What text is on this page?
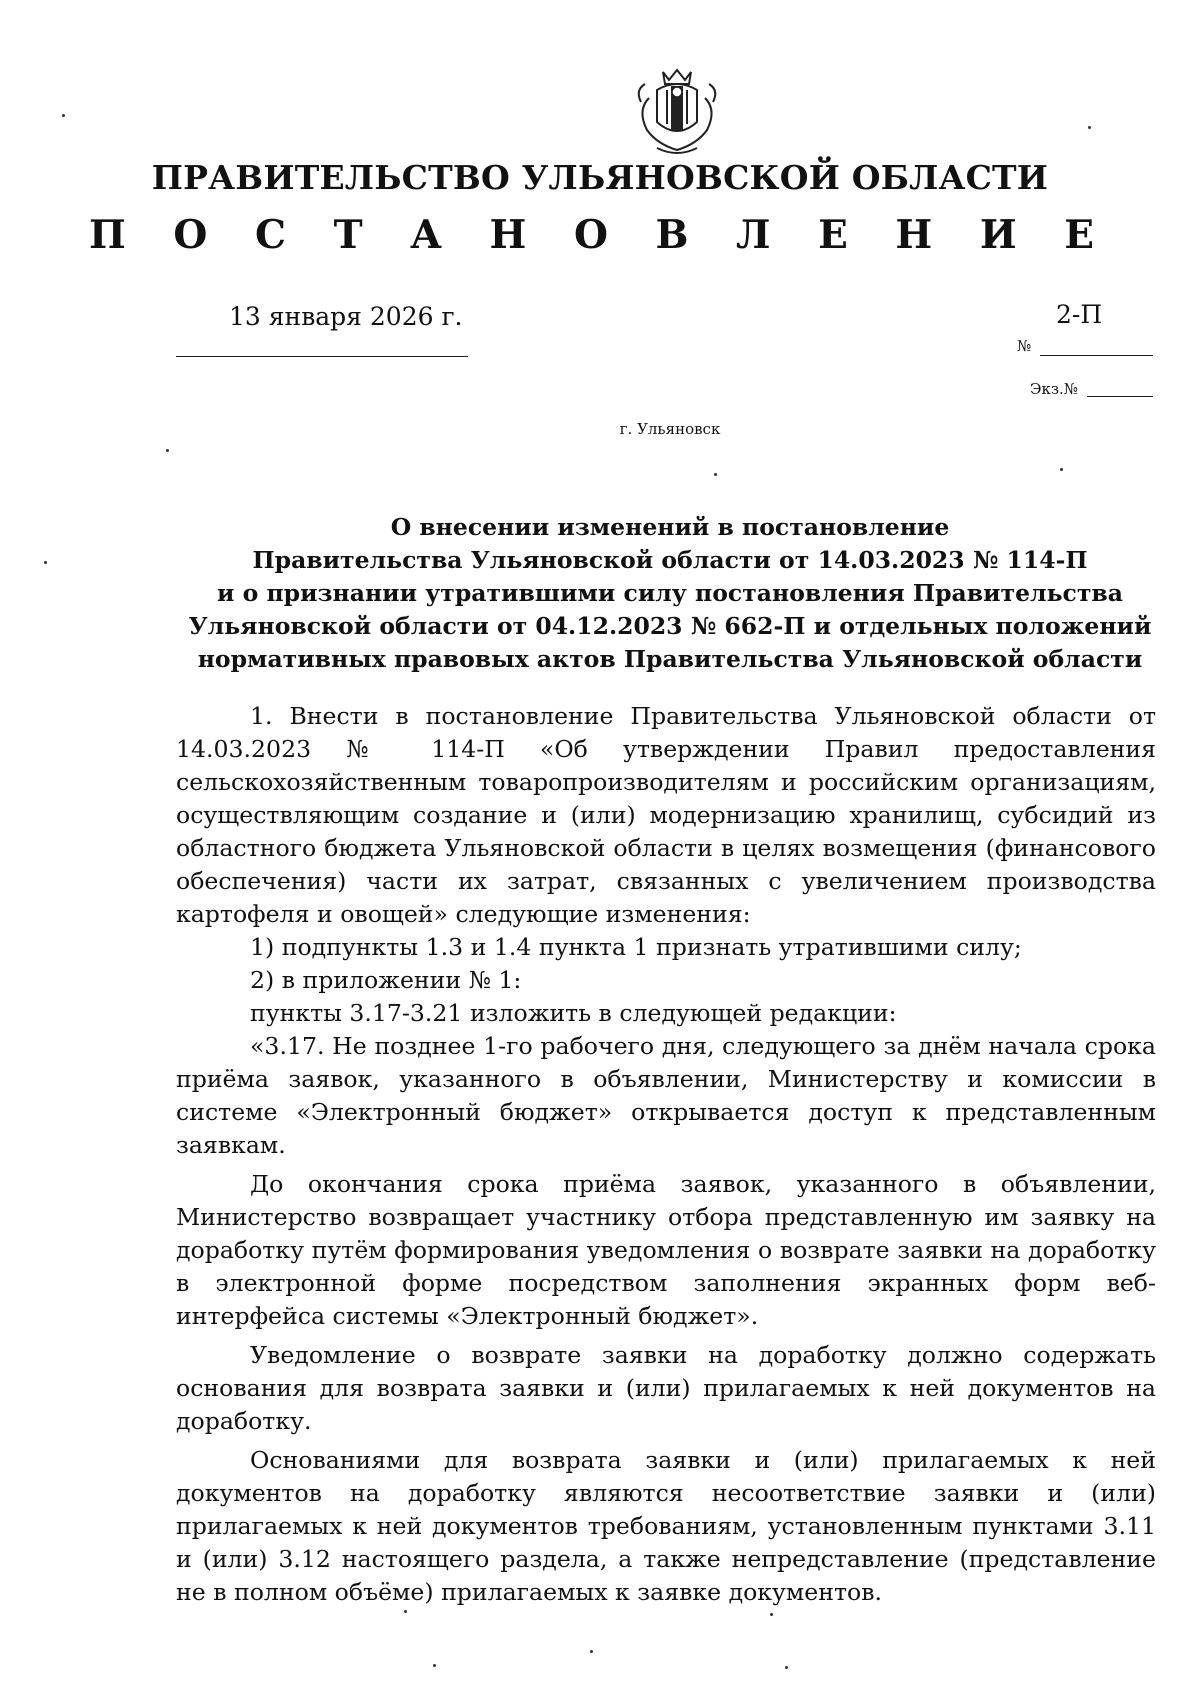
ПРАВИТЕЛЬСТВО УЛЬЯНОВСКОЙ ОБЛАСТИ
П О С Т А Н О В Л Е Н И Е
13 января 2026 г.	2-П
№
Экз.№
г. Ульяновск
О внесении изменений в постановление
Правительства Ульяновской области от 14.03.2023 № 114-П
и о признании утратившими силу постановления Правительства
Ульяновской области от 04.12.2023 № 662-П и отдельных положений
нормативных правовых актов Правительства Ульяновской области

1. Внести в постановление Правительства Ульяновской области от 14.03.2023 № 114-П «Об утверждении Правил предоставления сельскохозяйственным товаропроизводителям и российским организациям, осуществляющим создание и (или) модернизацию хранилищ, субсидий из областного бюджета Ульяновской области в целях возмещения (финансового обеспечения) части их затрат, связанных с увеличением производства картофеля и овощей» следующие изменения:

1) подпункты 1.3 и 1.4 пункта 1 признать утратившими силу;

2) в приложении № 1:

пункты 3.17-3.21 изложить в следующей редакции:

«3.17. Не позднее 1-го рабочего дня, следующего за днём начала срока приёма заявок, указанного в объявлении, Министерству и комиссии в системе «Электронный бюджет» открывается доступ к представленным заявкам.

До окончания срока приёма заявок, указанного в объявлении, Министерство возвращает участнику отбора представленную им заявку на доработку путём формирования уведомления о возврате заявки на доработку в электронной форме посредством заполнения экранных форм веб-интерфейса системы «Электронный бюджет».

Уведомление о возврате заявки на доработку должно содержать основания для возврата заявки и (или) прилагаемых к ней документов на доработку.

Основаниями для возврата заявки и (или) прилагаемых к ней документов на доработку являются несоответствие заявки и (или) прилагаемых к ней документов требованиям, установленным пунктами 3.11 и (или) 3.12 настоящего раздела, а также непредставление (представление не в полном объёме) прилагаемых к заявке документов.
